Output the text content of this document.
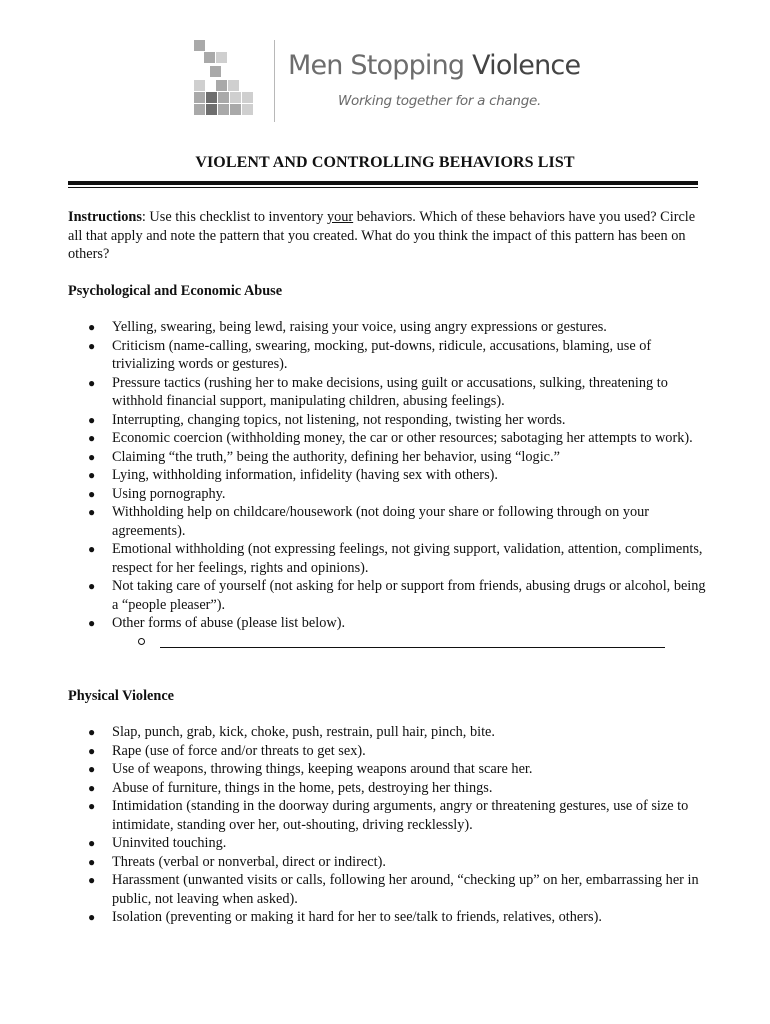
Men Stopping Violence
Working together for a change.
VIOLENT AND CONTROLLING BEHAVIORS LIST

Instructions: Use this checklist to inventory your behaviors. Which of these behaviors have you used? Circle all that apply and note the pattern that you created. What do you think the impact of this pattern has been on others?

Psychological and Economic Abuse
● Yelling, swearing, being lewd, raising your voice, using angry expressions or gestures.
● Criticism (name-calling, swearing, mocking, put-downs, ridicule, accusations, blaming, use of trivializing words or gestures).
● Pressure tactics (rushing her to make decisions, using guilt or accusations, sulking, threatening to withhold financial support, manipulating children, abusing feelings).
● Interrupting, changing topics, not listening, not responding, twisting her words.
● Economic coercion (withholding money, the car or other resources; sabotaging her attempts to work).
● Claiming “the truth,” being the authority, defining her behavior, using “logic.”
● Lying, withholding information, infidelity (having sex with others).
● Using pornography.
● Withholding help on childcare/housework (not doing your share or following through on your agreements).
● Emotional withholding (not expressing feelings, not giving support, validation, attention, compliments, respect for her feelings, rights and opinions).
● Not taking care of yourself (not asking for help or support from friends, abusing drugs or alcohol, being a “people pleaser”).
● Other forms of abuse (please list below).
Physical Violence
● Slap, punch, grab, kick, choke, push, restrain, pull hair, pinch, bite.
● Rape (use of force and/or threats to get sex).
● Use of weapons, throwing things, keeping weapons around that scare her.
● Abuse of furniture, things in the home, pets, destroying her things.
● Intimidation (standing in the doorway during arguments, angry or threatening gestures, use of size to intimidate, standing over her, out-shouting, driving recklessly).
● Uninvited touching.
● Threats (verbal or nonverbal, direct or indirect).
● Harassment (unwanted visits or calls, following her around, “checking up” on her, embarrassing her in public, not leaving when asked).
● Isolation (preventing or making it hard for her to see/talk to friends, relatives, others).
